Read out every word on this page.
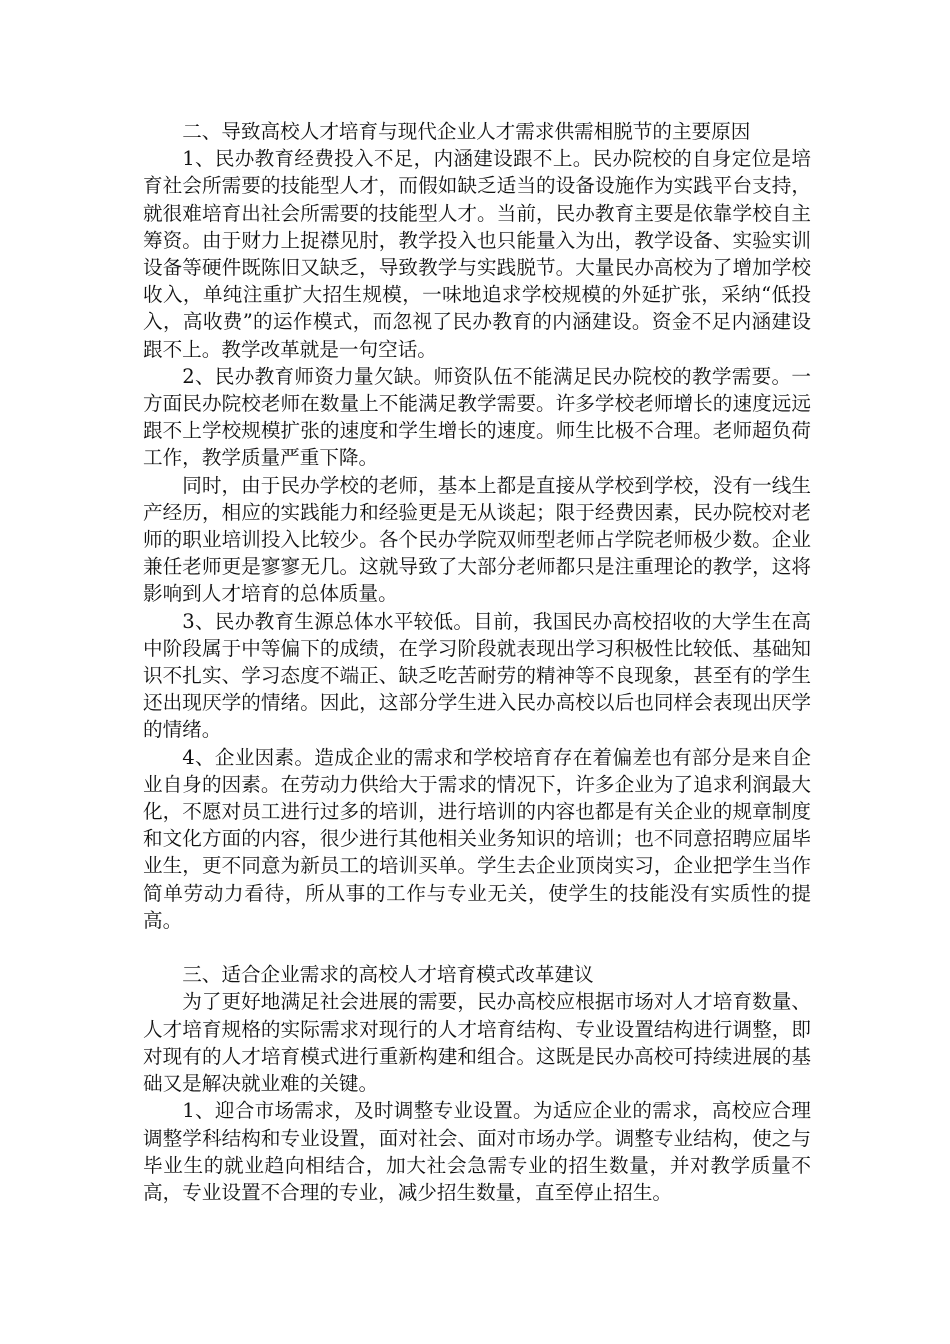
二、导致高校人才培育与现代企业人才需求供需相脱节的主要原因

1、民办教育经费投入不足，内涵建设跟不上。民办院校的自身定位是培育社会所需要的技能型人才，而假如缺乏适当的设备设施作为实践平台支持，就很难培育出社会所需要的技能型人才。当前，民办教育主要是依靠学校自主筹资。由于财力上捉襟见肘，教学投入也只能量入为出，教学设备、实验实训设备等硬件既陈旧又缺乏，导致教学与实践脱节。大量民办高校为了增加学校收入，单纯注重扩大招生规模，一味地追求学校规模的外延扩张，采纳“低投入，高收费”的运作模式，而忽视了民办教育的内涵建设。资金不足内涵建设跟不上。教学改革就是一句空话。

2、民办教育师资力量欠缺。师资队伍不能满足民办院校的教学需要。一方面民办院校老师在数量上不能满足教学需要。许多学校老师增长的速度远远跟不上学校规模扩张的速度和学生增长的速度。师生比极不合理。老师超负荷工作，教学质量严重下降。

同时，由于民办学校的老师，基本上都是直接从学校到学校，没有一线生产经历，相应的实践能力和经验更是无从谈起；限于经费因素，民办院校对老师的职业培训投入比较少。各个民办学院双师型老师占学院老师极少数。企业兼任老师更是寥寥无几。这就导致了大部分老师都只是注重理论的教学，这将影响到人才培育的总体质量。

3、民办教育生源总体水平较低。目前，我国民办高校招收的大学生在高中阶段属于中等偏下的成绩，在学习阶段就表现出学习积极性比较低、基础知识不扎实、学习态度不端正、缺乏吃苦耐劳的精神等不良现象，甚至有的学生还出现厌学的情绪。因此，这部分学生进入民办高校以后也同样会表现出厌学的情绪。

4、企业因素。造成企业的需求和学校培育存在着偏差也有部分是来自企业自身的因素。在劳动力供给大于需求的情况下，许多企业为了追求利润最大化，不愿对员工进行过多的培训，进行培训的内容也都是有关企业的规章制度和文化方面的内容，很少进行其他相关业务知识的培训；也不同意招聘应届毕业生，更不同意为新员工的培训买单。学生去企业顶岗实习，企业把学生当作简单劳动力看待，所从事的工作与专业无关，使学生的技能没有实质性的提高。

三、适合企业需求的高校人才培育模式改革建议

为了更好地满足社会进展的需要，民办高校应根据市场对人才培育数量、人才培育规格的实际需求对现行的人才培育结构、专业设置结构进行调整，即对现有的人才培育模式进行重新构建和组合。这既是民办高校可持续进展的基础又是解决就业难的关键。

1、迎合市场需求，及时调整专业设置。为适应企业的需求，高校应合理调整学科结构和专业设置，面对社会、面对市场办学。调整专业结构，使之与毕业生的就业趋向相结合，加大社会急需专业的招生数量，并对教学质量不高，专业设置不合理的专业，减少招生数量，直至停止招生。
